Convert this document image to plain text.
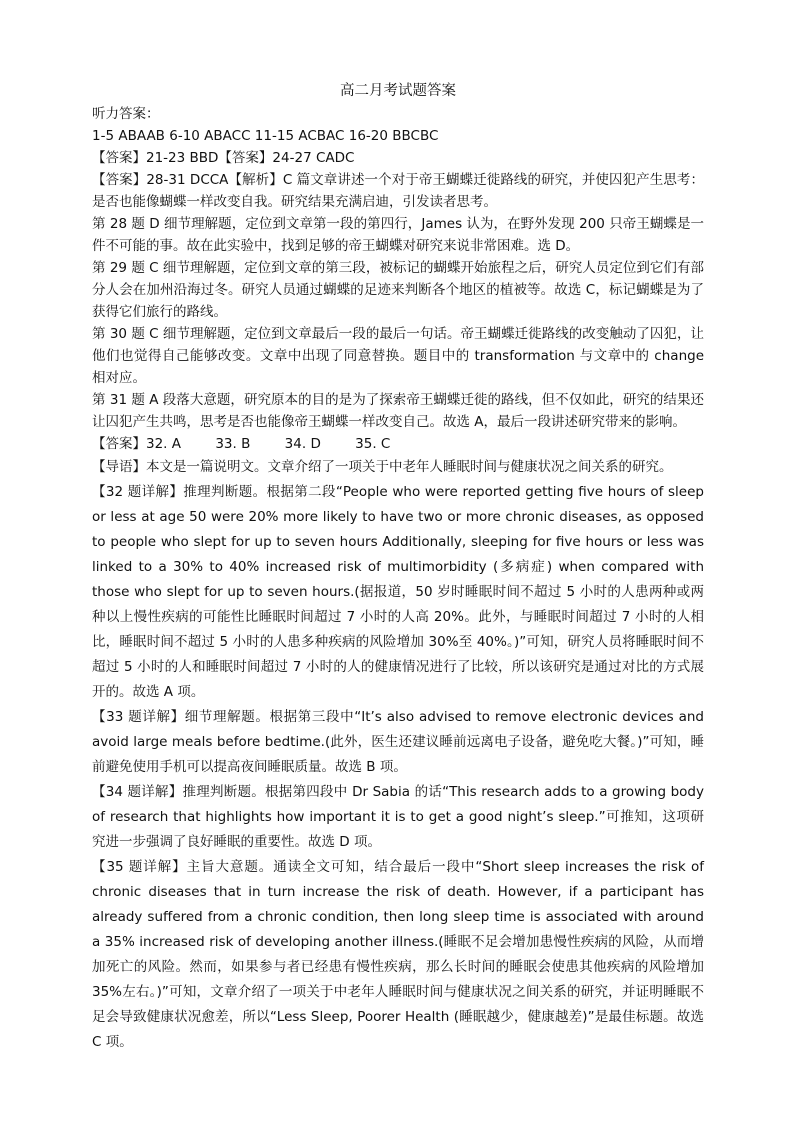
高二月考试题答案
听力答案：
1-5 ABAAB 6-10 ABACC 11-15 ACBAC 16-20 BBCBC
【答案】21-23 BBD【答案】24-27 CADC
【答案】28-31 DCCA【解析】C 篇文章讲述一个对于帝王蝴蝶迁徙路线的研究，并使囚犯产生思考：是否也能像蝴蝶一样改变自我。研究结果充满启迪，引发读者思考。
第 28 题 D 细节理解题，定位到文章第一段的第四行，James 认为，在野外发现 200 只帝王蝴蝶是一件不可能的事。故在此实验中，找到足够的帝王蝴蝶对研究来说非常困难。选 D。
第 29 题 C 细节理解题，定位到文章的第三段，被标记的蝴蝶开始旅程之后，研究人员定位到它们有部分人会在加州沿海过冬。研究人员通过蝴蝶的足迹来判断各个地区的植被等。故选 C，标记蝴蝶是为了获得它们旅行的路线。
第 30 题 C 细节理解题，定位到文章最后一段的最后一句话。帝王蝴蝶迁徙路线的改变触动了囚犯，让他们也觉得自己能够改变。文章中出现了同意替换。题目中的 transformation 与文章中的 change 相对应。
第 31 题 A 段落大意题，研究原本的目的是为了探索帝王蝴蝶迁徙的路线，但不仅如此，研究的结果还让囚犯产生共鸣，思考是否也能像帝王蝴蝶一样改变自己。故选 A，最后一段讲述研究带来的影响。
【答案】32. A        33. B        34. D        35. C
【导语】本文是一篇说明文。文章介绍了一项关于中老年人睡眠时间与健康状况之间关系的研究。
【32 题详解】推理判断题。根据第二段“People who were reported getting five hours of sleep or less at age 50 were 20% more likely to have two or more chronic diseases, as opposed to people who slept for up to seven hours Additionally, sleeping for five hours or less was linked to a 30% to 40% increased risk of multimorbidity (多病症) when compared with those who slept for up to seven hours.(据报道，50 岁时睡眠时间不超过 5 小时的人患两种或两种以上慢性疾病的可能性比睡眠时间超过 7 小时的人高 20%。此外，与睡眠时间超过 7 小时的人相比，睡眠时间不超过 5 小时的人患多种疾病的风险增加 30%至 40%。)”可知，研究人员将睡眠时间不超过 5 小时的人和睡眠时间超过 7 小时的人的健康情况进行了比较，所以该研究是通过对比的方式展开的。故选 A 项。
【33 题详解】细节理解题。根据第三段中“It’s also advised to remove electronic devices and avoid large meals before bedtime.(此外，医生还建议睡前远离电子设备，避免吃大餐。)”可知，睡前避免使用手机可以提高夜间睡眠质量。故选 B 项。
【34 题详解】推理判断题。根据第四段中 Dr Sabia 的话“This research adds to a growing body of research that highlights how important it is to get a good night’s sleep.”可推知，这项研究进一步强调了良好睡眠的重要性。故选 D 项。
【35 题详解】主旨大意题。通读全文可知，结合最后一段中“Short sleep increases the risk of chronic diseases that in turn increase the risk of death. However, if a participant has already suffered from a chronic condition, then long sleep time is associated with around a 35% increased risk of developing another illness.(睡眠不足会增加患慢性疾病的风险，从而增加死亡的风险。然而，如果参与者已经患有慢性疾病，那么长时间的睡眠会使患其他疾病的风险增加 35%左右。)”可知，文章介绍了一项关于中老年人睡眠时间与健康状况之间关系的研究，并证明睡眠不足会导致健康状况愈差，所以“Less Sleep, Poorer Health (睡眠越少，健康越差)”是最佳标题。故选 C 项。
